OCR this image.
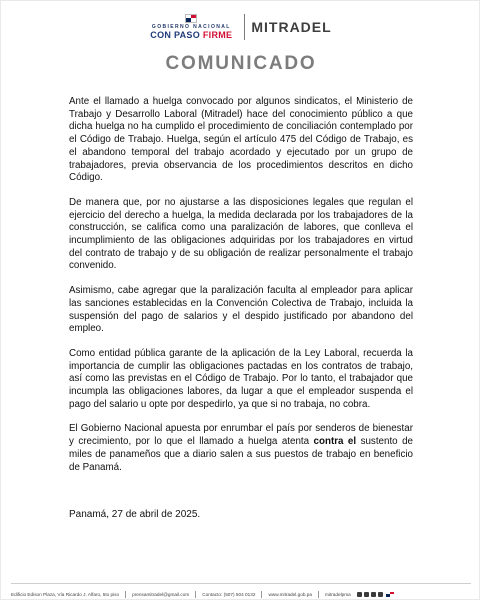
GOBIERNO NACIONAL
CON PASO FIRME MITRADEL
COMUNICADO

Ante el llamado a huelga convocado por algunos sindicatos, el Ministerio de Trabajo y Desarrollo Laboral (Mitradel) hace del conocimiento público a que dicha huelga no ha cumplido el procedimiento de conciliación contemplado por el Código de Trabajo. Huelga, según el artículo 475 del Código de Trabajo, es el abandono temporal del trabajo acordado y ejecutado por un grupo de trabajadores, previa observancia de los procedimientos descritos en dicho Código.

De manera que, por no ajustarse a las disposiciones legales que regulan el ejercicio del derecho a huelga, la medida declarada por los trabajadores de la construcción, se califica como una paralización de labores, que conlleva el incumplimiento de las obligaciones adquiridas por los trabajadores en virtud del contrato de trabajo y de su obligación de realizar personalmente el trabajo convenido.

Asimismo, cabe agregar que la paralización faculta al empleador para aplicar las sanciones establecidas en la Convención Colectiva de Trabajo, incluida la suspensión del pago de salarios y el despido justificado por abandono del empleo.

Como entidad pública garante de la aplicación de la Ley Laboral, recuerda la importancia de cumplir las obligaciones pactadas en los contratos de trabajo, así como las previstas en el Código de Trabajo. Por lo tanto, el trabajador que incumpla las obligaciones labores, da lugar a que el empleador suspenda el pago del salario u opte por despedirlo, ya que si no trabaja, no cobra.

El Gobierno Nacional apuesta por enrumbar el país por senderos de bienestar y crecimiento, por lo que el llamado a huelga atenta contra el sustento de miles de panameños que a diario salen a sus puestos de trabajo en beneficio de Panamá.

Panamá, 27 de abril de 2025.
Edificio Edison Plaza, Vía Ricardo J. Alfaro, 5to piso	prensamitradel@gmail.com	Contacto: (507) 504 0132	www.mitradel.gob.pa	mitradelpma
